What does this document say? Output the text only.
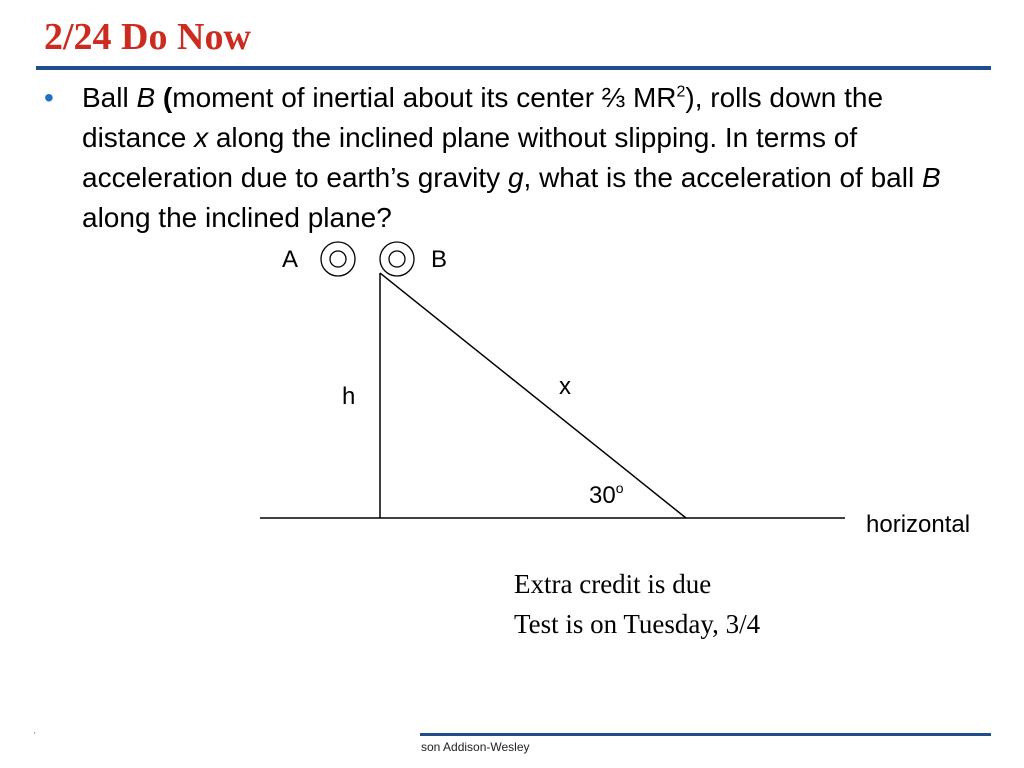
2/24 Do Now
• Ball B (moment of inertial about its center ⅔ $MR^2$), rolls down the distance x along the inclined plane without slipping. In terms of acceleration due to earth’s gravity g, what is the acceleration of ball B along the inclined plane?
A	B
h	x
30$^o$
horizontal
Extra credit is due
Test is on Tuesday, 3/4
'
son Addison-Wesley
